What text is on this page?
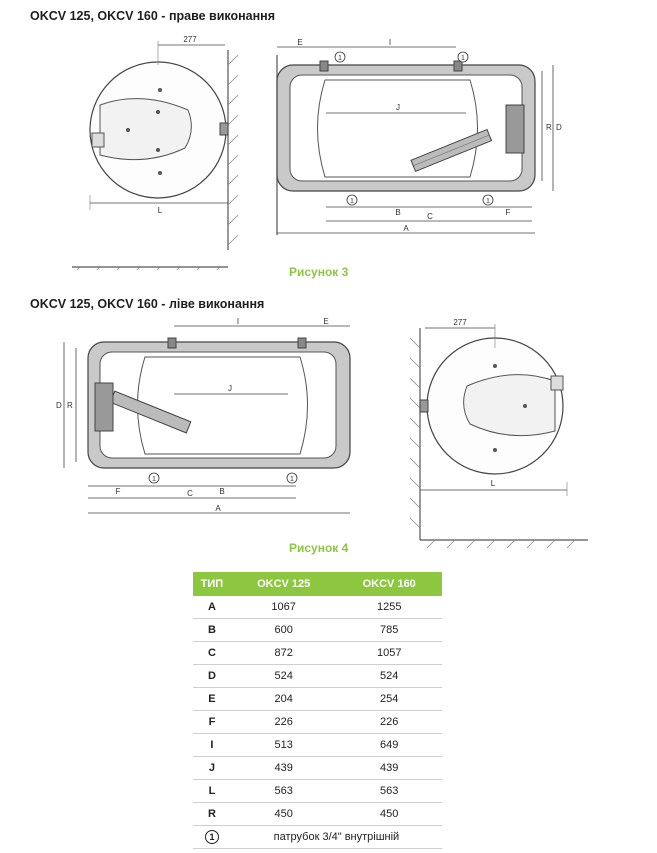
OKCV 125, OKCV 160 - праве виконання
Рисунок 3
OKCV 125, OKCV 160 - ліве виконання
Рисунок 4
277
L
1	1
1	1
E	I
J
R D
B	F
C
A
1	1
I	E
J
D R
F	B
C
A
277
L
ТИП	OKCV 125	OKCV 160
A	1067	1255
B	600	785
C	872	1057
D	524	524
E	204	254
F	226	226
I	513	649
J	439	439
L	563	563
R	450	450
1	патрубок 3/4" внутрішній	
